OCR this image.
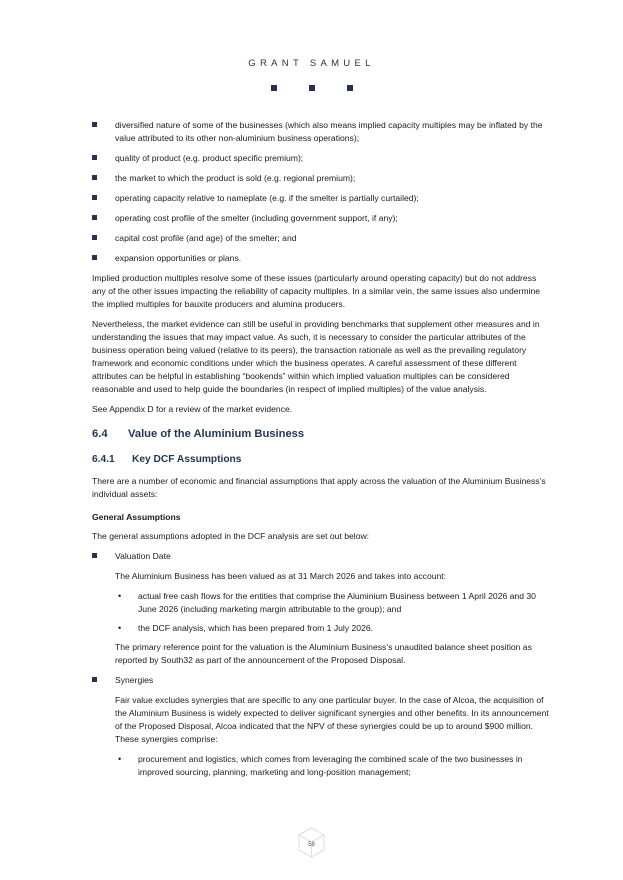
GRANT SAMUEL
diversified nature of some of the businesses (which also means implied capacity multiples may be inflated by the value attributed to its other non-aluminium business operations);
quality of product (e.g. product specific premium);
the market to which the product is sold (e.g. regional premium);
operating capacity relative to nameplate (e.g. if the smelter is partially curtailed);
operating cost profile of the smelter (including government support, if any);
capital cost profile (and age) of the smelter; and
expansion opportunities or plans.

Implied production multiples resolve some of these issues (particularly around operating capacity) but do not address any of the other issues impacting the reliability of capacity multiples. In a similar vein, the same issues also undermine the implied multiples for bauxite producers and alumina producers.

Nevertheless, the market evidence can still be useful in providing benchmarks that supplement other measures and in understanding the issues that may impact value. As such, it is necessary to consider the particular attributes of the business operation being valued (relative to its peers), the transaction rationale as well as the prevailing regulatory framework and economic conditions under which the business operates. A careful assessment of these different attributes can be helpful in establishing “bookends” within which implied valuation multiples can be considered reasonable and used to help guide the boundaries (in respect of implied multiples) of the value analysis.

See Appendix D for a review of the market evidence.

6.4 Value of the Aluminium Business
6.4.1 Key DCF Assumptions

There are a number of economic and financial assumptions that apply across the valuation of the Aluminium Business’s individual assets:

General Assumptions

The general assumptions adopted in the DCF analysis are set out below:

Valuation Date

The Aluminium Business has been valued as at 31 March 2026 and takes into account:

• actual free cash flows for the entities that comprise the Aluminium Business between 1 April 2026 and 30 June 2026 (including marketing margin attributable to the group); and
• the DCF analysis, which has been prepared from 1 July 2026.

The primary reference point for the valuation is the Aluminium Business’s unaudited balance sheet position as reported by South32 as part of the announcement of the Proposed Disposal.

Synergies

Fair value excludes synergies that are specific to any one particular buyer. In the case of Alcoa, the acquisition of the Aluminium Business is widely expected to deliver significant synergies and other benefits. In its announcement of the Proposed Disposal, Alcoa indicated that the NPV of these synergies could be up to around $900 million. These synergies comprise:

• procurement and logistics, which comes from leveraging the combined scale of the two businesses in improved sourcing, planning, marketing and long-position management;
58
